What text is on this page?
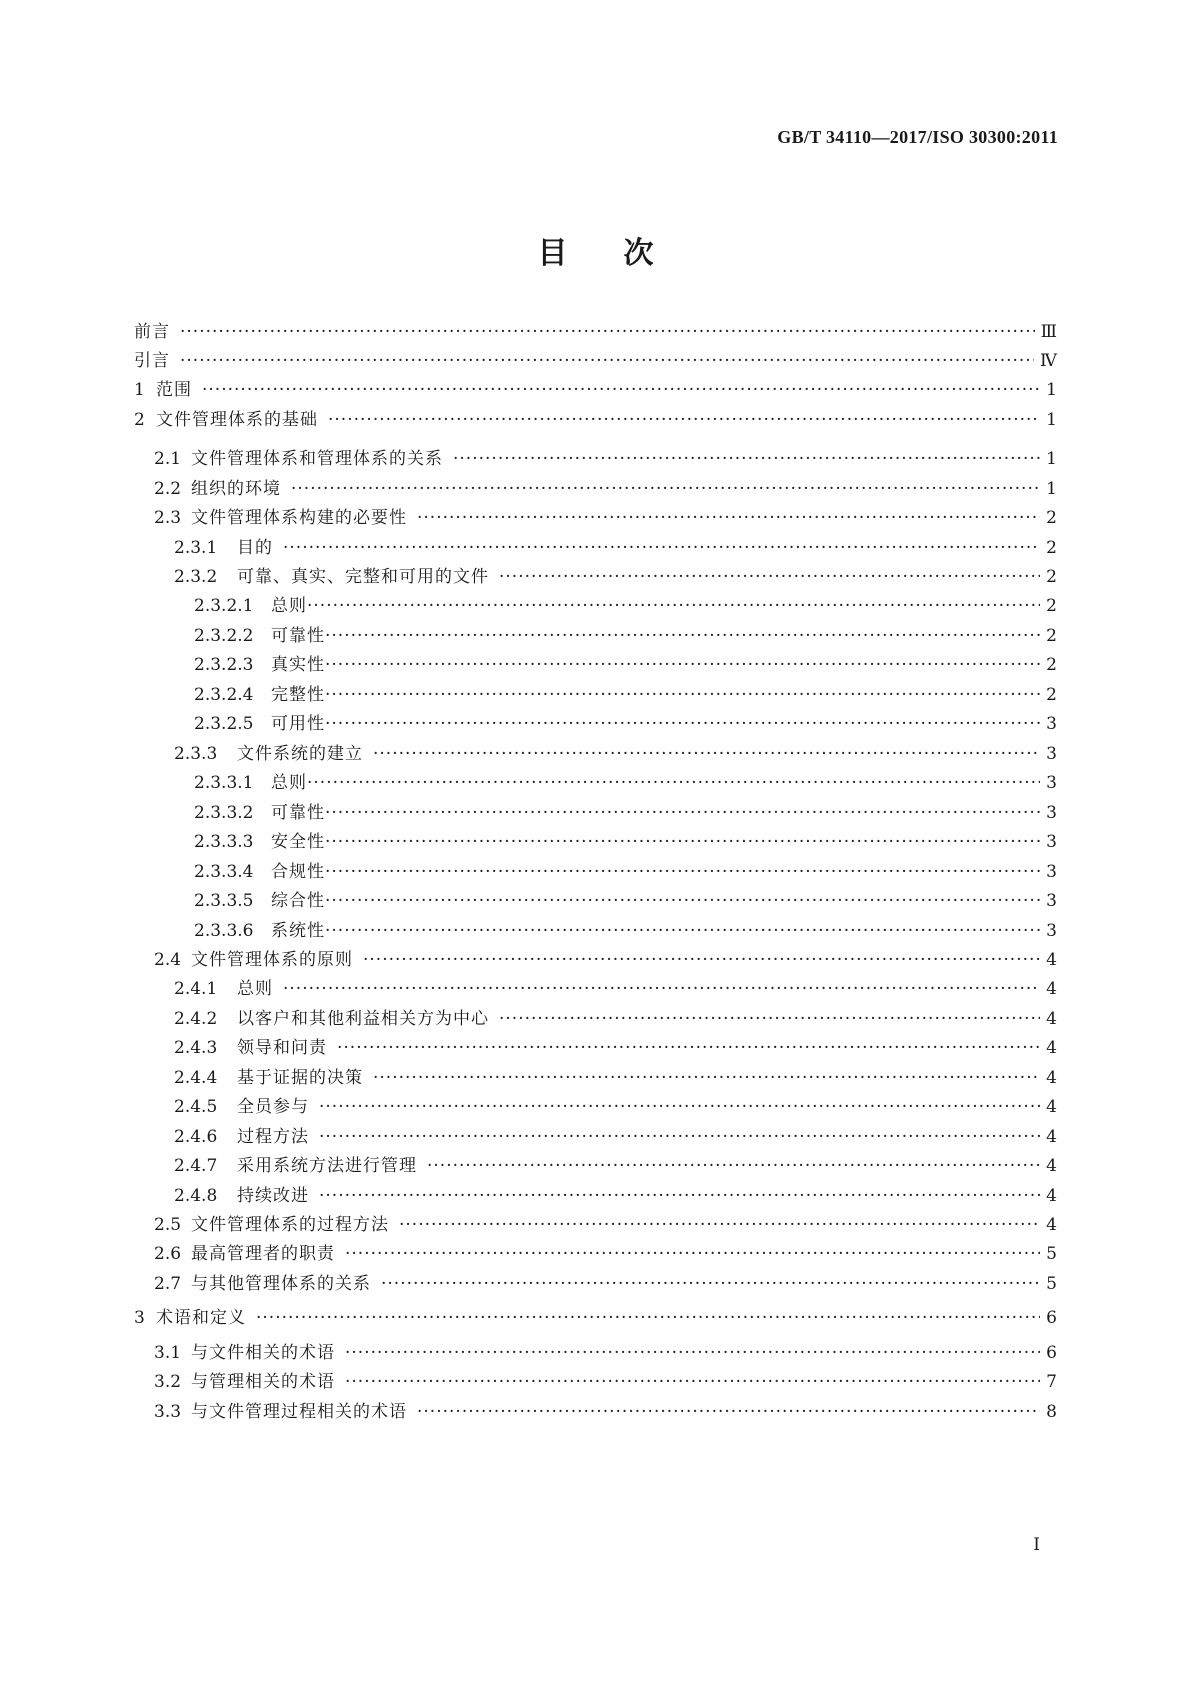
GB/T 34110—2017/ISO 30300:2011
目次
前言 ·····	Ⅲ
引言 ·····	Ⅳ
1 范围 ·····	1
2 文件管理体系的基础 ·····	1
2.1 文件管理体系和管理体系的关系 ·····	1
2.2 组织的环境 ·····	1
2.3 文件管理体系构建的必要性 ·····	2
2.3.1	目的 ·····	2
2.3.2	可靠、真实、完整和可用的文件 ·····	2
2.3.2.1	总则 ·····	2
2.3.2.2	可靠性 ·····	2
2.3.2.3	真实性 ·····	2
2.3.2.4	完整性 ·····	2
2.3.2.5	可用性 ·····	3
2.3.3	文件系统的建立 ·····	3
2.3.3.1	总则 ·····	3
2.3.3.2	可靠性 ·····	3
2.3.3.3	安全性 ·····	3
2.3.3.4	合规性 ·····	3
2.3.3.5	综合性 ·····	3
2.3.3.6	系统性 ·····	3
2.4 文件管理体系的原则 ·····	4
2.4.1	总则 ·····	4
2.4.2	以客户和其他利益相关方为中心 ·····	4
2.4.3	领导和问责 ·····	4
2.4.4	基于证据的决策 ·····	4
2.4.5	全员参与 ·····	4
2.4.6	过程方法 ·····	4
2.4.7	采用系统方法进行管理 ·····	4
2.4.8	持续改进 ·····	4
2.5 文件管理体系的过程方法 ·····	4
2.6 最高管理者的职责 ·····	5
2.7 与其他管理体系的关系 ·····	5
3 术语和定义 ·····	6
3.1 与文件相关的术语 ·····	6
3.2 与管理相关的术语 ·····	7
3.3 与文件管理过程相关的术语 ·····	8
I
